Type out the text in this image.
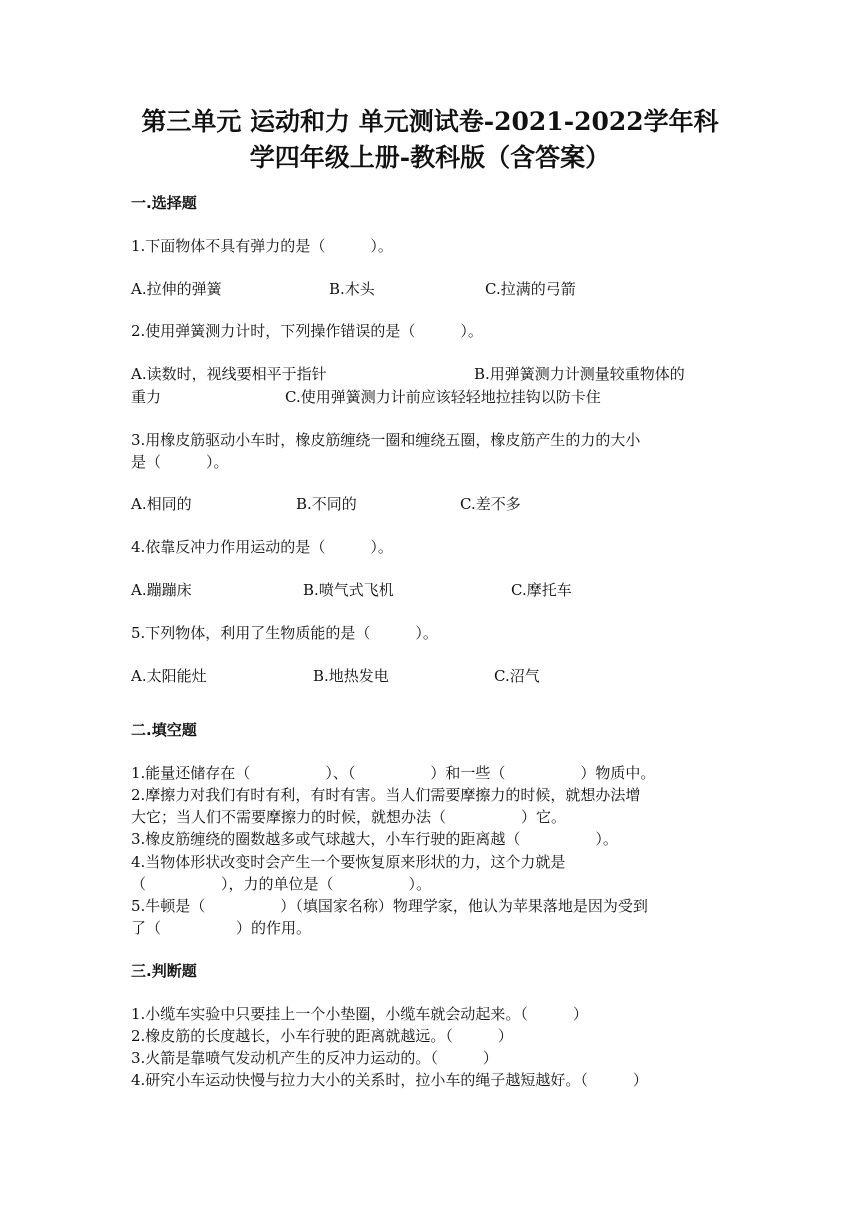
第三单元 运动和力 单元测试卷-2021-2022学年科
学四年级上册-教科版（含答案）
一.选择题
1.下面物体不具有弹力的是（　　　）。
A.拉伸的弹簧	B.木头	C.拉满的弓箭
2.使用弹簧测力计时，下列操作错误的是（　　　）。
A.读数时，视线要相平于指针	B.用弹簧测力计测量较重物体的
重力	C.使用弹簧测力计前应该轻轻地拉挂钩以防卡住
3.用橡皮筋驱动小车时，橡皮筋缠绕一圈和缠绕五圈，橡皮筋产生的力的大小
是（　　　）。
A.相同的	B.不同的	C.差不多
4.依靠反冲力作用运动的是（　　　）。
A.蹦蹦床	B.喷气式飞机	C.摩托车
5.下列物体，利用了生物质能的是（　　　）。
A.太阳能灶	B.地热发电	C.沼气
二.填空题
1.能量还储存在（　　　　　）、（　　　　　）和一些（　　　　　）物质中。
2.摩擦力对我们有时有利，有时有害。当人们需要摩擦力的时候，就想办法增
大它；当人们不需要摩擦力的时候，就想办法（　　　　　）它。
3.橡皮筋缠绕的圈数越多或气球越大，小车行驶的距离越（　　　　　）。
4.当物体形状改变时会产生一个要恢复原来形状的力，这个力就是
（　　　　　），力的单位是（　　　　　）。
5.牛顿是（　　　　　）（填国家名称）物理学家，他认为苹果落地是因为受到
了（　　　　　）的作用。
三.判断题
1.小缆车实验中只要挂上一个小垫圈，小缆车就会动起来。（　　　）
2.橡皮筋的长度越长，小车行驶的距离就越远。（　　　）
3.火箭是靠喷气发动机产生的反冲力运动的。（　　　）
4.研究小车运动快慢与拉力大小的关系时，拉小车的绳子越短越好。（　　　）
